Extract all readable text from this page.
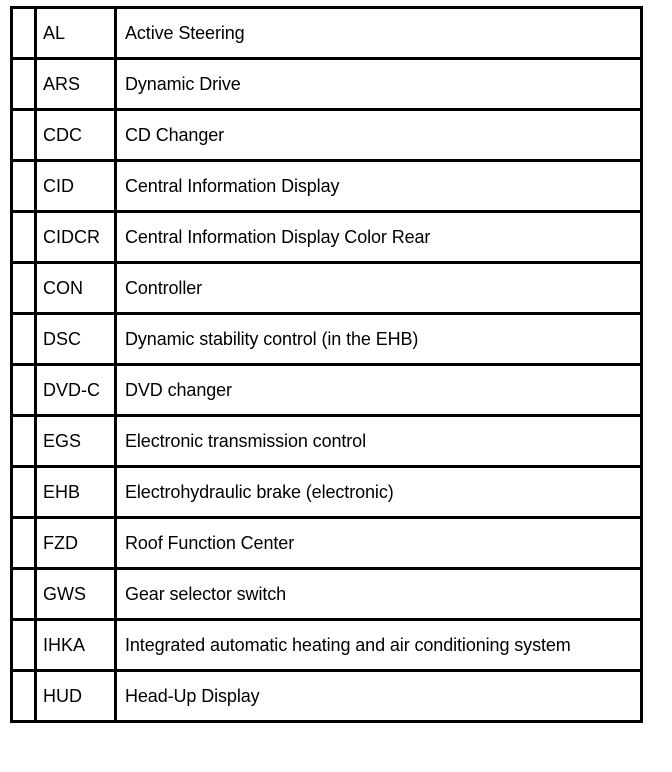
	AL	Active Steering
	ARS	Dynamic Drive
	CDC	CD Changer
	CID	Central Information Display
	CIDCR	Central Information Display Color Rear
	CON	Controller
	DSC	Dynamic stability control (in the EHB)
	DVD-C	DVD changer
	EGS	Electronic transmission control
	EHB	Electrohydraulic brake (electronic)
	FZD	Roof Function Center
	GWS	Gear selector switch
	IHKA	Integrated automatic heating and air conditioning system
	HUD	Head-Up Display
